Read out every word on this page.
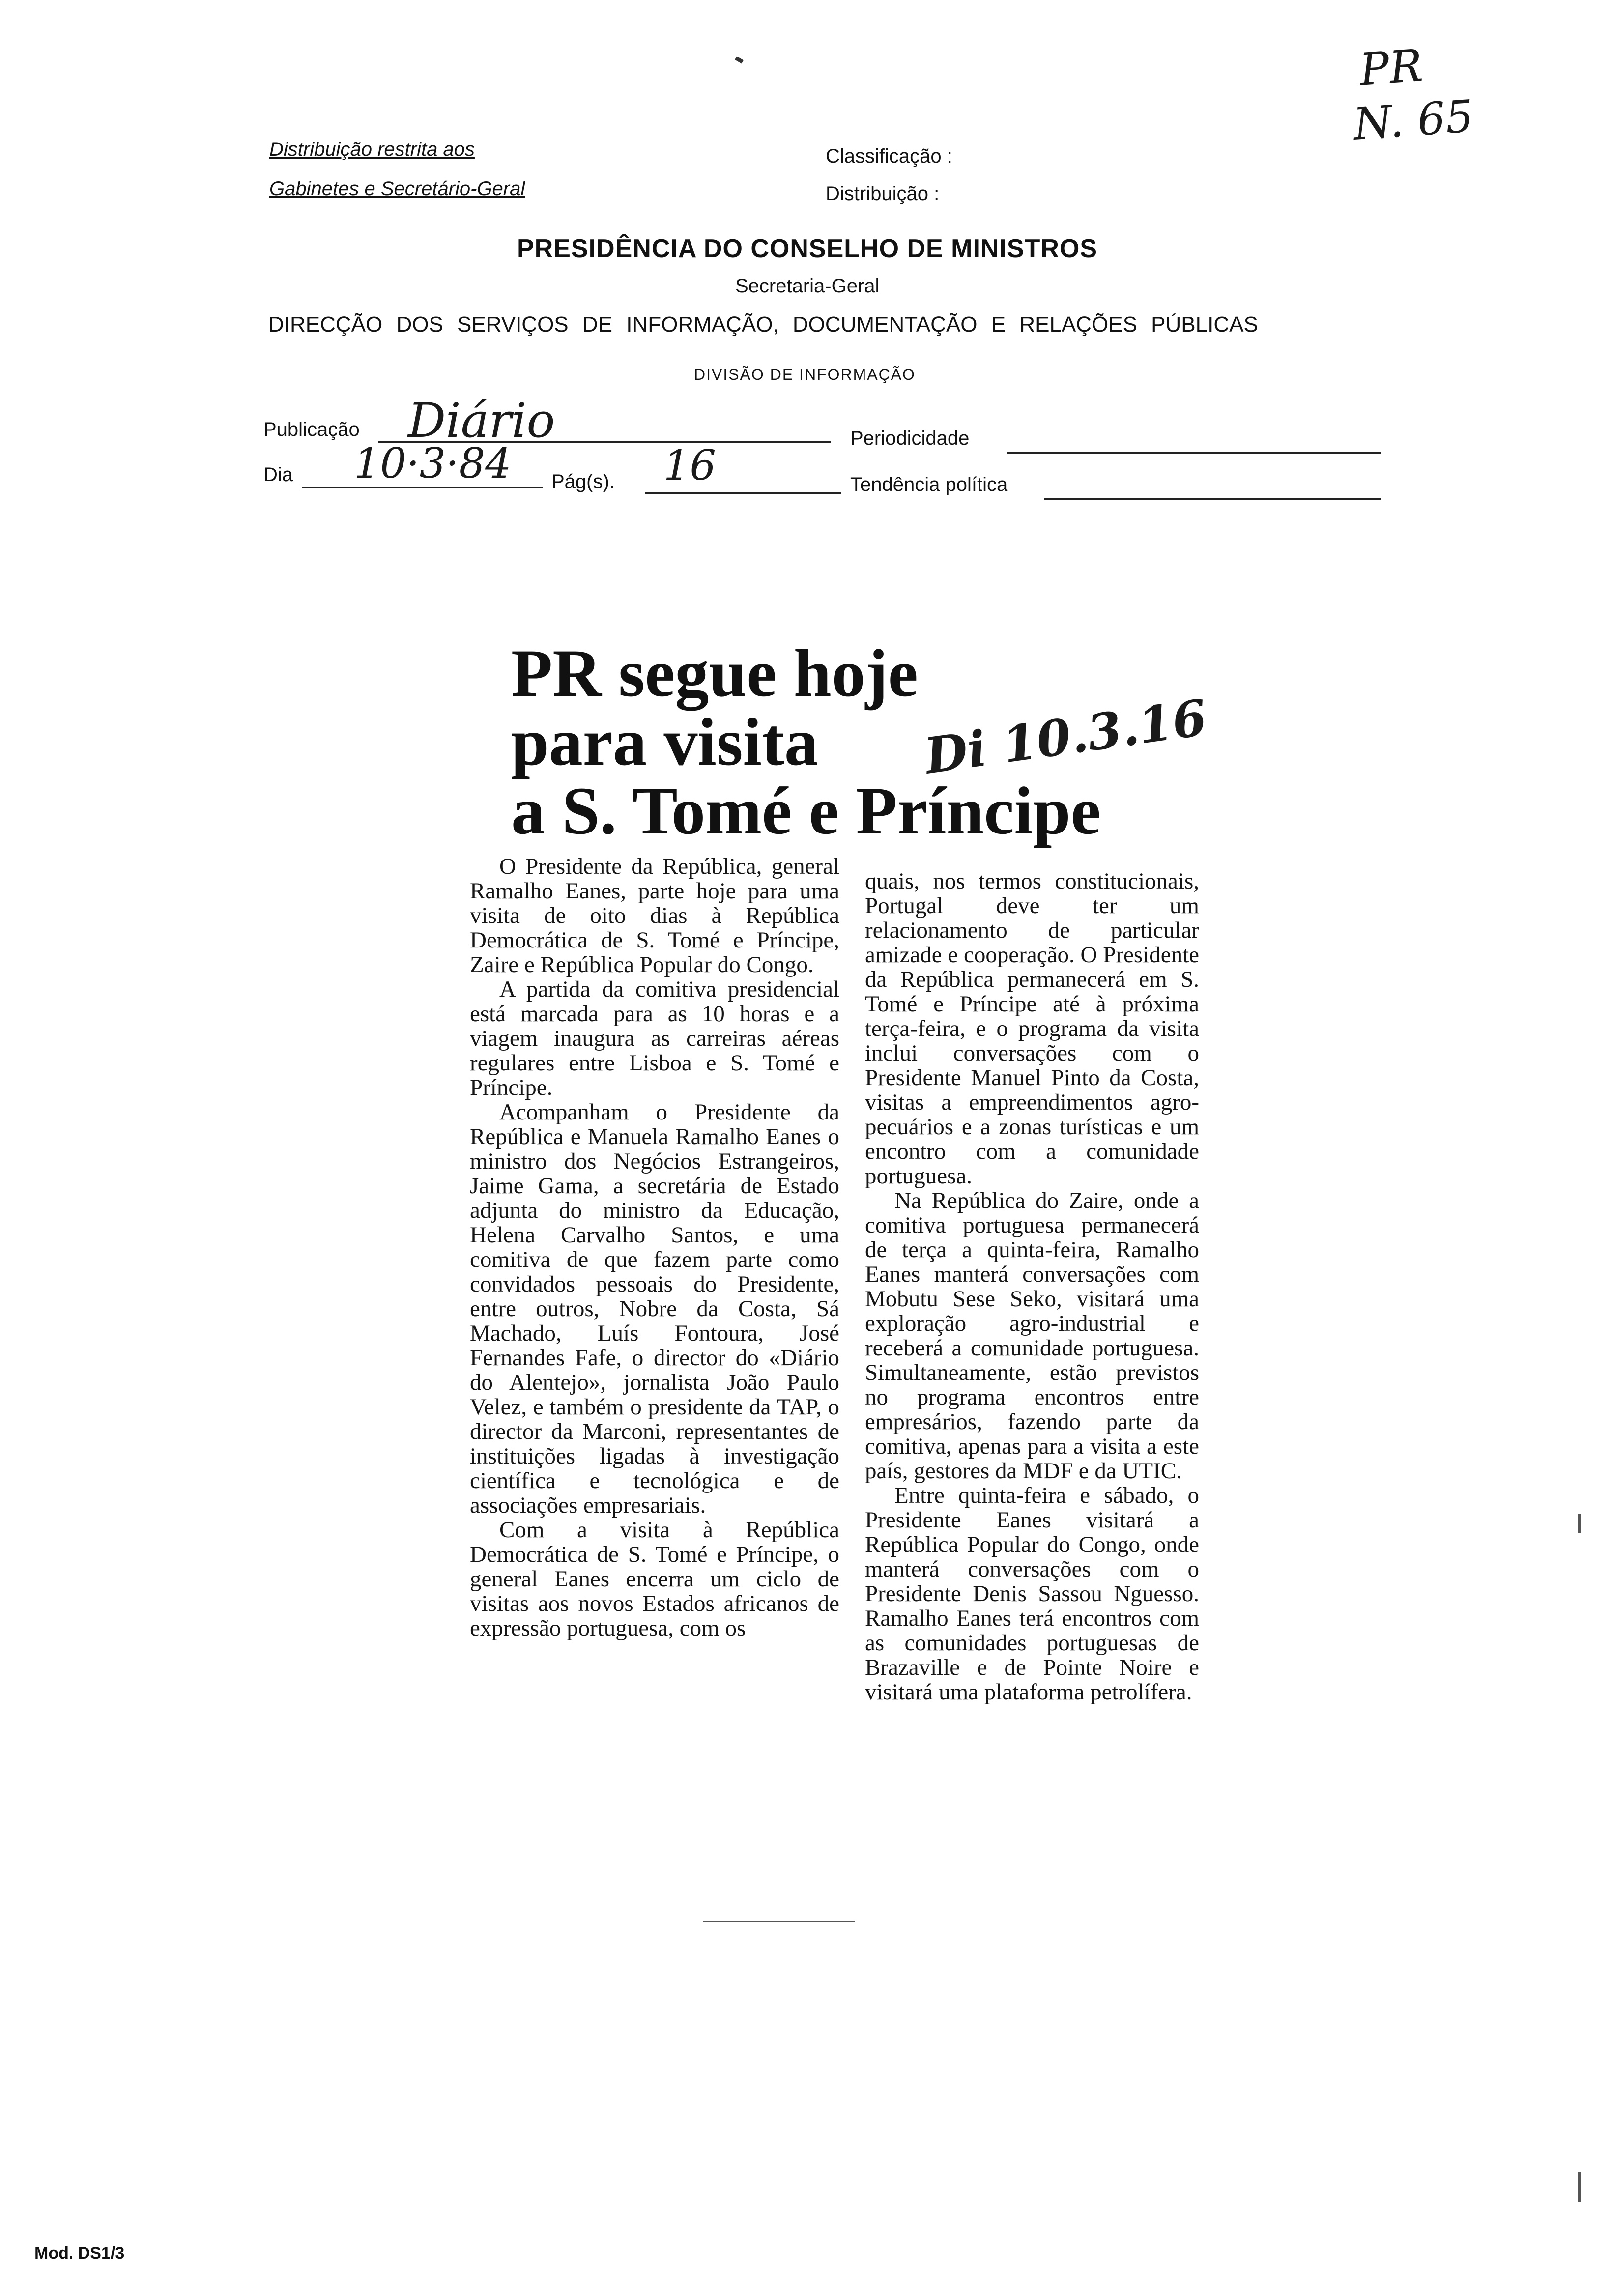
PR
N. 65
Distribuição restrita aos
Gabinetes e Secretário-Geral
Classificação :
Distribuição :
PRESIDÊNCIA DO CONSELHO DE MINISTROS
Secretaria-Geral
DIRECÇÃO DOS SERVIÇOS DE INFORMAÇÃO, DOCUMENTAÇÃO E RELAÇÕES PÚBLICAS
DIVISÃO DE INFORMAÇÃO
Publicação Diário	Periodicidade
Dia 10·3·84 Pág(s). 16	Tendência política
PR segue hoje
para visita
a S. Tomé e Príncipe
Di 10.3.16

O Presidente da República, general Ramalho Eanes, parte hoje para uma visita de oito dias à República Democrática de S. Tomé e Príncipe, Zaire e República Popular do Congo.

A partida da comitiva presidencial está marcada para as 10 horas e a viagem inaugura as carreiras aéreas regulares entre Lisboa e S. Tomé e Príncipe.

Acompanham o Presidente da República e Manuela Ramalho Eanes o ministro dos Negócios Estrangeiros, Jaime Gama, a secretária de Estado adjunta do ministro da Educação, Helena Carvalho Santos, e uma comitiva de que fazem parte como convidados pessoais do Presidente, entre outros, Nobre da Costa, Sá Machado, Luís Fontoura, José Fernandes Fafe, o director do «Diário do Alentejo», jornalista João Paulo Velez, e também o presidente da TAP, o director da Marconi, representantes de instituições ligadas à investigação científica e tecnológica e de associações empresariais.

Com a visita à República Democrática de S. Tomé e Príncipe, o general Eanes encerra um ciclo de visitas aos novos Estados africanos de expressão portuguesa, com os

quais, nos termos constitucionais, Portugal deve ter um relacionamento de particular amizade e cooperação. O Presidente da República permanecerá em S. Tomé e Príncipe até à próxima terça-feira, e o programa da visita inclui conversações com o Presidente Manuel Pinto da Costa, visitas a empreendimentos agro-pecuários e a zonas turísticas e um encontro com a comunidade portuguesa.

Na República do Zaire, onde a comitiva portuguesa permanecerá de terça a quinta-feira, Ramalho Eanes manterá conversações com Mobutu Sese Seko, visitará uma exploração agro-industrial e receberá a comunidade portuguesa. Simultaneamente, estão previstos no programa encontros entre empresários, fazendo parte da comitiva, apenas para a visita a este país, gestores da MDF e da UTIC.

Entre quinta-feira e sábado, o Presidente Eanes visitará a República Popular do Congo, onde manterá conversações com o Presidente Denis Sassou Nguesso. Ramalho Eanes terá encontros com as comunidades portuguesas de Brazaville e de Pointe Noire e visitará uma plataforma petrolífera.

Mod. DS1/3
